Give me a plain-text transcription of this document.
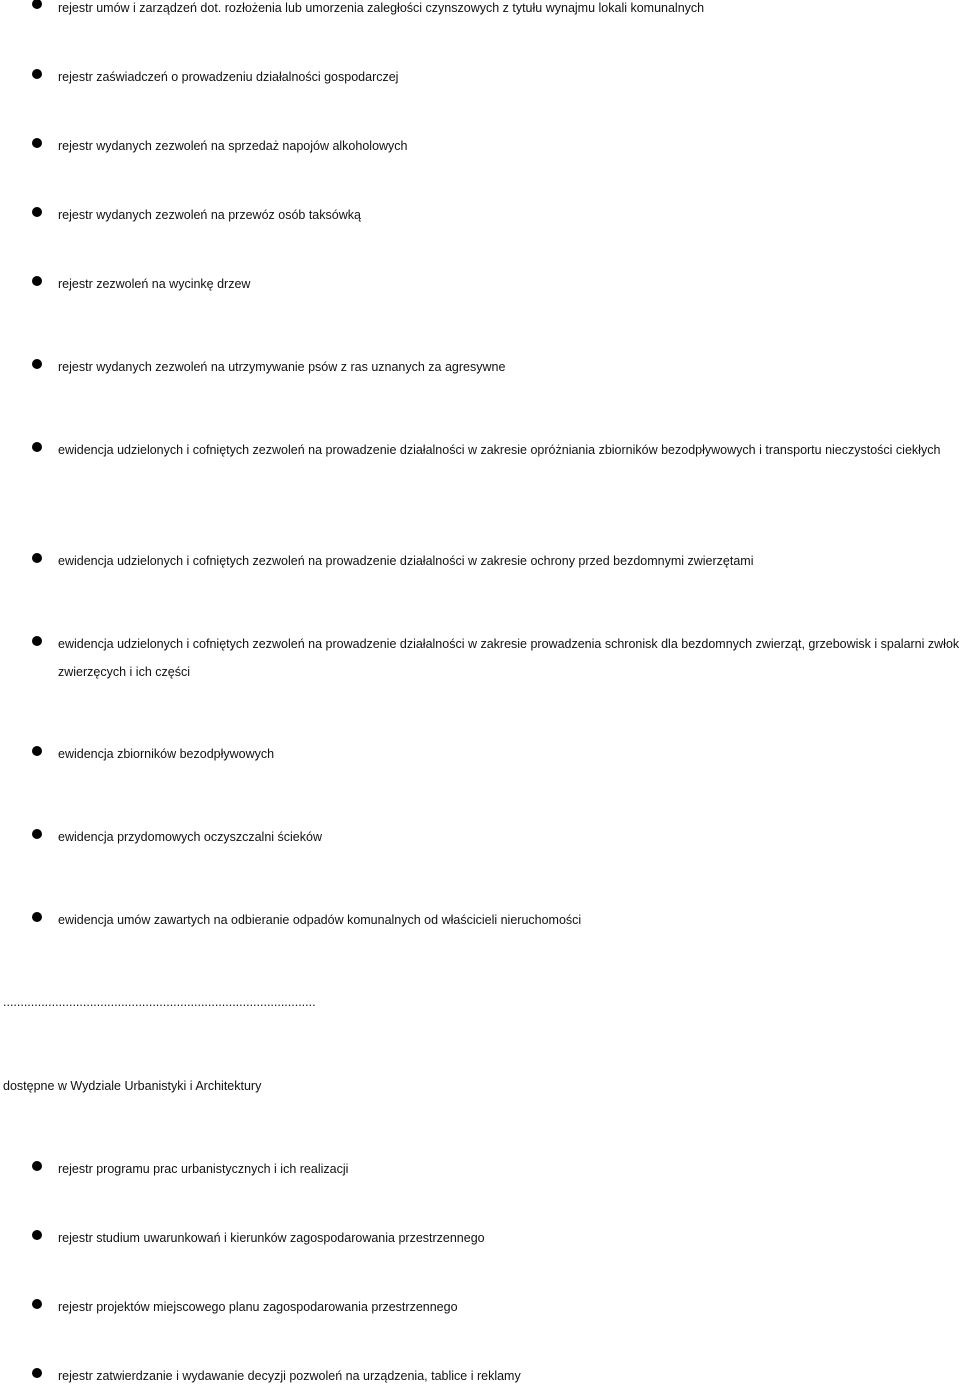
rejestr umów i zarządzeń dot. rozłożenia lub umorzenia zaległości czynszowych z tytułu wynajmu lokali komunalnych
rejestr zaświadczeń o prowadzeniu działalności gospodarczej
rejestr wydanych zezwoleń na sprzedaż napojów alkoholowych
rejestr wydanych zezwoleń na przewóz osób taksówką
rejestr zezwoleń na wycinkę drzew
rejestr wydanych zezwoleń na utrzymywanie psów z ras uznanych za agresywne
ewidencja udzielonych i cofniętych zezwoleń na prowadzenie działalności w zakresie opróżniania zbiorników bezodpływowych i transportu nieczystości ciekłych
ewidencja udzielonych i cofniętych zezwoleń na prowadzenie działalności w zakresie ochrony przed bezdomnymi zwierzętami
ewidencja udzielonych i cofniętych zezwoleń na prowadzenie działalności w zakresie prowadzenia schronisk dla bezdomnych zwierząt, grzebowisk i spalarni zwłok zwierzęcych i ich części
ewidencja zbiorników bezodpływowych
ewidencja przydomowych oczyszczalni ścieków
ewidencja umów zawartych na odbieranie odpadów komunalnych od właścicieli nieruchomości
..........................................................................................
dostępne w Wydziale Urbanistyki i Architektury
rejestr programu prac urbanistycznych i ich realizacji
rejestr studium uwarunkowań i kierunków zagospodarowania przestrzennego
rejestr projektów miejscowego planu zagospodarowania przestrzennego
rejestr zatwierdzanie i wydawanie decyzji pozwoleń na urządzenia, tablice i reklamy
